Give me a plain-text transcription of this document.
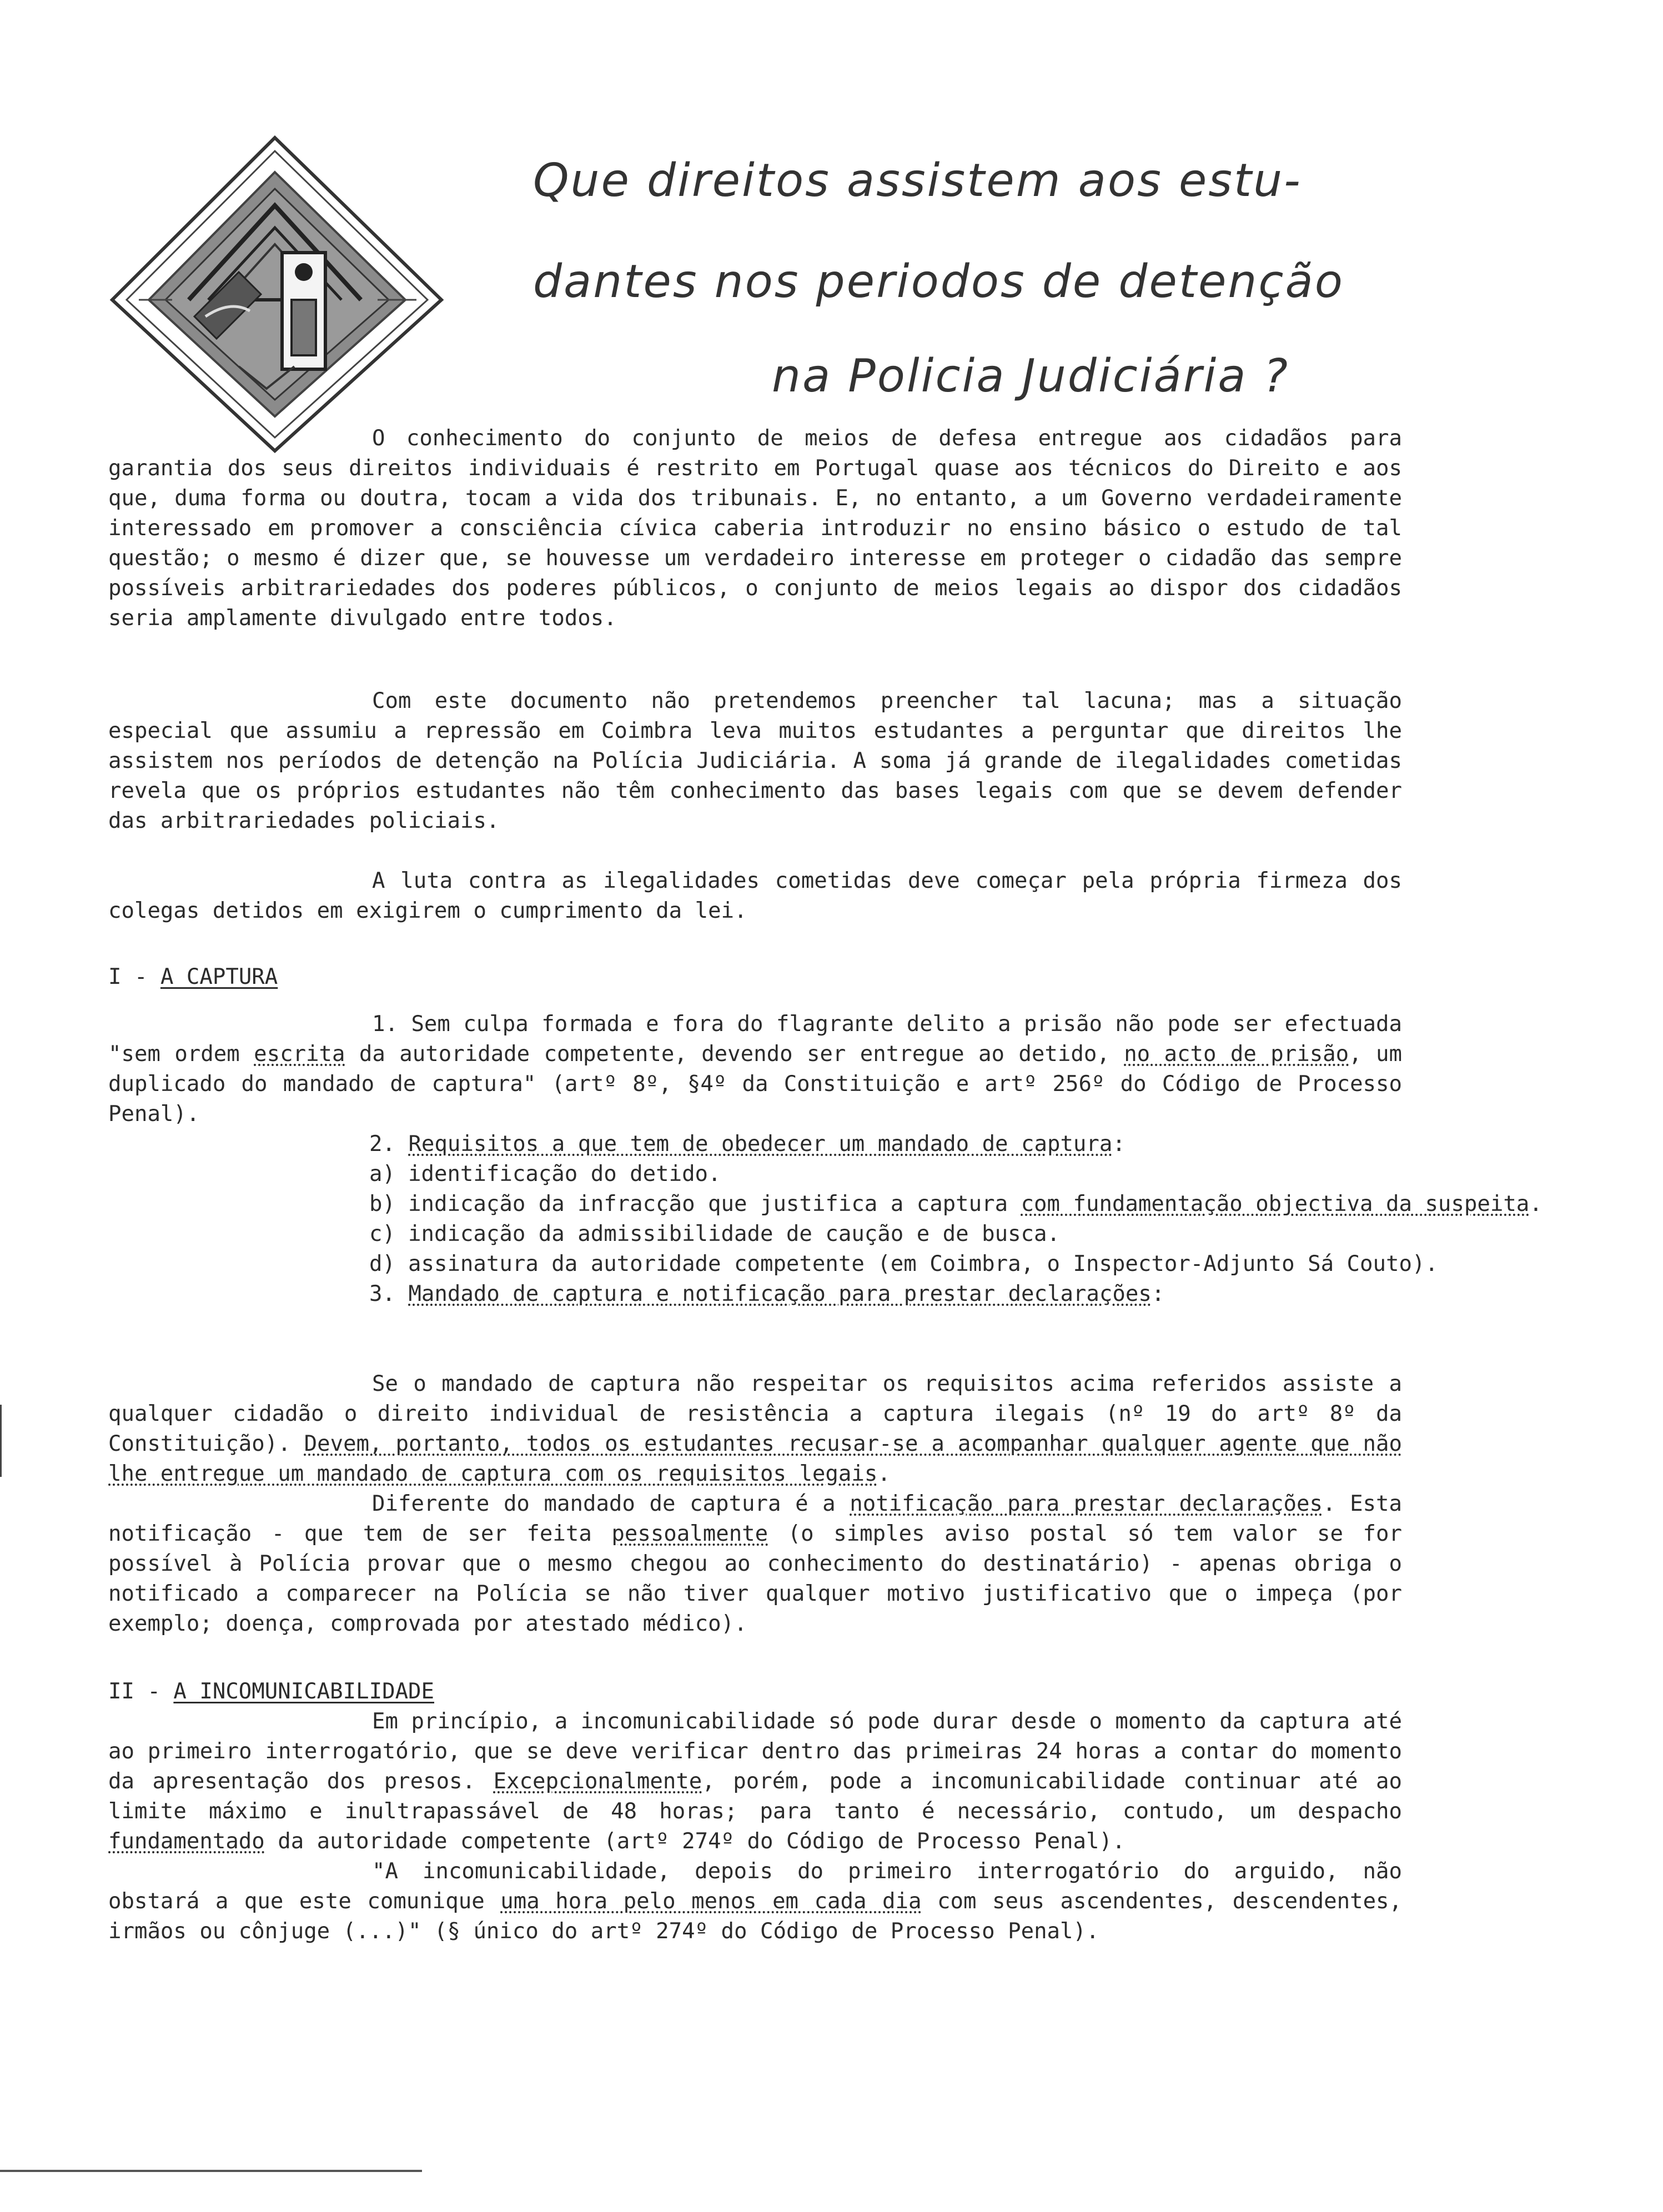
Que direitos assistem aos estu-
dantes nos periodos de detenção
na Policia Judiciária ?

O conhecimento do conjunto de meios de defesa entregue aos cidadãos para garantia dos seus direitos individuais é restrito em Portugal quase aos técnicos do Direito e aos que, duma forma ou doutra, tocam a vida dos tribunais. E, no entanto, a um Governo verdadeiramente interessado em promover a consciência cívica caberia introduzir no ensino básico o estudo de tal questão; o mesmo é dizer que, se houvesse um verdadeiro interesse em proteger o cidadão das sempre possíveis arbitrariedades dos poderes públicos, o conjunto de meios legais ao dispor dos cidadãos seria amplamente divulgado entre todos.

Com este documento não pretendemos preencher tal lacuna; mas a situação especial que assumiu a repressão em Coimbra leva muitos estudantes a perguntar que direitos lhe assistem nos períodos de detenção na Polícia Judiciária. A soma já grande de ilegalidades cometidas revela que os próprios estudantes não têm conhecimento das bases legais com que se devem defender das arbitrariedades policiais.

A luta contra as ilegalidades cometidas deve começar pela própria firmeza dos colegas detidos em exigirem o cumprimento da lei.

I - A CAPTURA

1. Sem culpa formada e fora do flagrante delito a prisão não pode ser efectuada "sem ordem escrita da autoridade competente, devendo ser entregue ao detido, no acto de prisão, um duplicado do mandado de captura" (artº 8º, §4º da Constituição e artº 256º do Código de Processo Penal).

2. Requisitos a que tem de obedecer um mandado de captura:

a) identificação do detido.
b) indicação da infracção que justifica a captura com fundamentação objectiva da suspeita.
c) indicação da admissibilidade de caução e de busca.
d) assinatura da autoridade competente (em Coimbra, o Inspector-Adjunto Sá Couto).

3. Mandado de captura e notificação para prestar declarações:

Se o mandado de captura não respeitar os requisitos acima referidos assiste a qualquer cidadão o direito individual de resistência a captura ilegais (nº 19 do artº 8º da Constituição). Devem, portanto, todos os estudantes recusar-se a acompanhar qualquer agente que não lhe entregue um mandado de captura com os requisitos legais.

Diferente do mandado de captura é a notificação para prestar declarações. Esta notificação - que tem de ser feita pessoalmente (o simples aviso postal só tem valor se for possível à Polícia provar que o mesmo chegou ao conhecimento do destinatário) - apenas obriga o notificado a comparecer na Polícia se não tiver qualquer motivo justificativo que o impeça (por exemplo; doença, comprovada por atestado médico).

II - A INCOMUNICABILIDADE

Em princípio, a incomunicabilidade só pode durar desde o momento da captura até ao primeiro interrogatório, que se deve verificar dentro das primeiras 24 horas a contar do momento da apresentação dos presos. Excepcionalmente, porém, pode a incomunicabilidade continuar até ao limite máximo e inultrapassável de 48 horas; para tanto é necessário, contudo, um despacho fundamentado da autoridade competente (artº 274º do Código de Processo Penal).

"A incomunicabilidade, depois do primeiro interrogatório do arguido, não obstará a que este comunique uma hora pelo menos em cada dia com seus ascendentes, descendentes, irmãos ou cônjuge (...)" (§ único do artº 274º do Código de Processo Penal).
